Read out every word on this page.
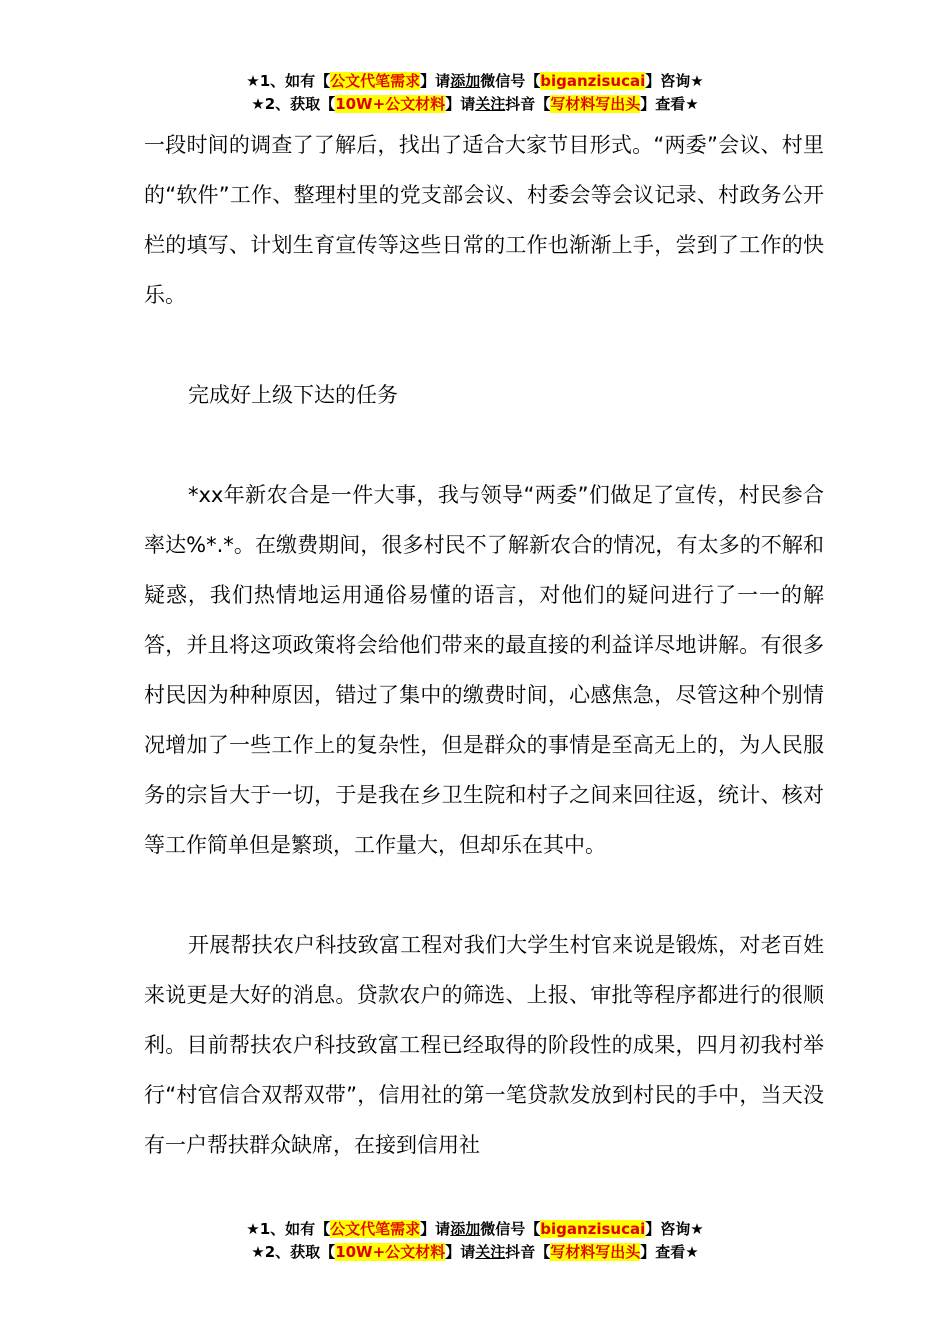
★1、如有【公文代笔需求】请添加微信号【biganzisucai】咨询★
★2、获取【10W+公文材料】请关注抖音【写材料写出头】查看★

一段时间的调查了了解后，找出了适合大家节目形式。“两委”会议、村里的“软件”工作、整理村里的党支部会议、村委会等会议记录、村政务公开栏的填写、计划生育宣传等这些日常的工作也渐渐上手，尝到了工作的快乐。

完成好上级下达的任务

*xx年新农合是一件大事，我与领导“两委”们做足了宣传，村民参合率达%*.*。在缴费期间，很多村民不了解新农合的情况，有太多的不解和疑惑，我们热情地运用通俗易懂的语言，对他们的疑问进行了一一的解答，并且将这项政策将会给他们带来的最直接的利益详尽地讲解。有很多村民因为种种原因，错过了集中的缴费时间，心感焦急，尽管这种个别情况增加了一些工作上的复杂性，但是群众的事情是至高无上的，为人民服务的宗旨大于一切，于是我在乡卫生院和村子之间来回往返，统计、核对等工作简单但是繁琐，工作量大，但却乐在其中。

开展帮扶农户科技致富工程对我们大学生村官来说是锻炼，对老百姓来说更是大好的消息。贷款农户的筛选、上报、审批等程序都进行的很顺利。目前帮扶农户科技致富工程已经取得的阶段性的成果，四月初我村举行“村官信合双帮双带”，信用社的第一笔贷款发放到村民的手中，当天没有一户帮扶群众缺席，在接到信用社

★1、如有【公文代笔需求】请添加微信号【biganzisucai】咨询★
★2、获取【10W+公文材料】请关注抖音【写材料写出头】查看★
